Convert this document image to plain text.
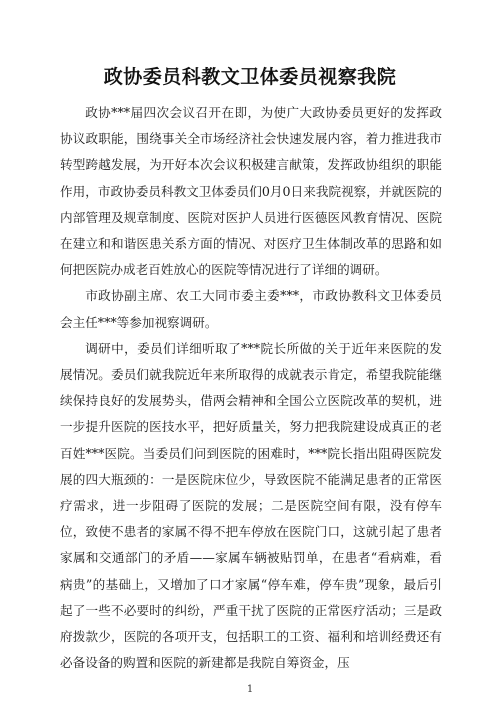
政协委员科教文卫体委员视察我院

政协***届四次会议召开在即，为使广大政协委员更好的发挥政协议政职能，围绕事关全市场经济社会快速发展内容，着力推进我市转型跨越发展，为开好本次会议积极建言献策，发挥政协组织的职能作用，市政协委员科教文卫体委员们0月0日来我院视察，并就医院的内部管理及规章制度、医院对医护人员进行医德医风教育情况、医院在建立和和谐医患关系方面的情况、对医疗卫生体制改革的思路和如何把医院办成老百姓放心的医院等情况进行了详细的调研。

市政协副主席、农工大同市委主委***，市政协教科文卫体委员会主任***等参加视察调研。

调研中，委员们详细听取了***院长所做的关于近年来医院的发展情况。委员们就我院近年来所取得的成就表示肯定，希望我院能继续保持良好的发展势头，借两会精神和全国公立医院改革的契机，进一步提升医院的医技水平，把好质量关，努力把我院建设成真正的老百姓***医院。当委员们问到医院的困难时，***院长指出阻碍医院发展的四大瓶颈的：一是医院床位少，导致医院不能满足患者的正常医疗需求，进一步阻碍了医院的发展；二是医院空间有限，没有停车位，致使不患者的家属不得不把车停放在医院门口，这就引起了患者家属和交通部门的矛盾——家属车辆被贴罚单，在患者“看病难，看病贵”的基础上，又增加了口才家属“停车难，停车贵”现象，最后引起了一些不必要时的纠纷，严重干扰了医院的正常医疗活动；三是政府拨款少，医院的各项开支，包括职工的工资、福利和培训经费还有必备设备的购置和医院的新建都是我院自筹资金，压

1
